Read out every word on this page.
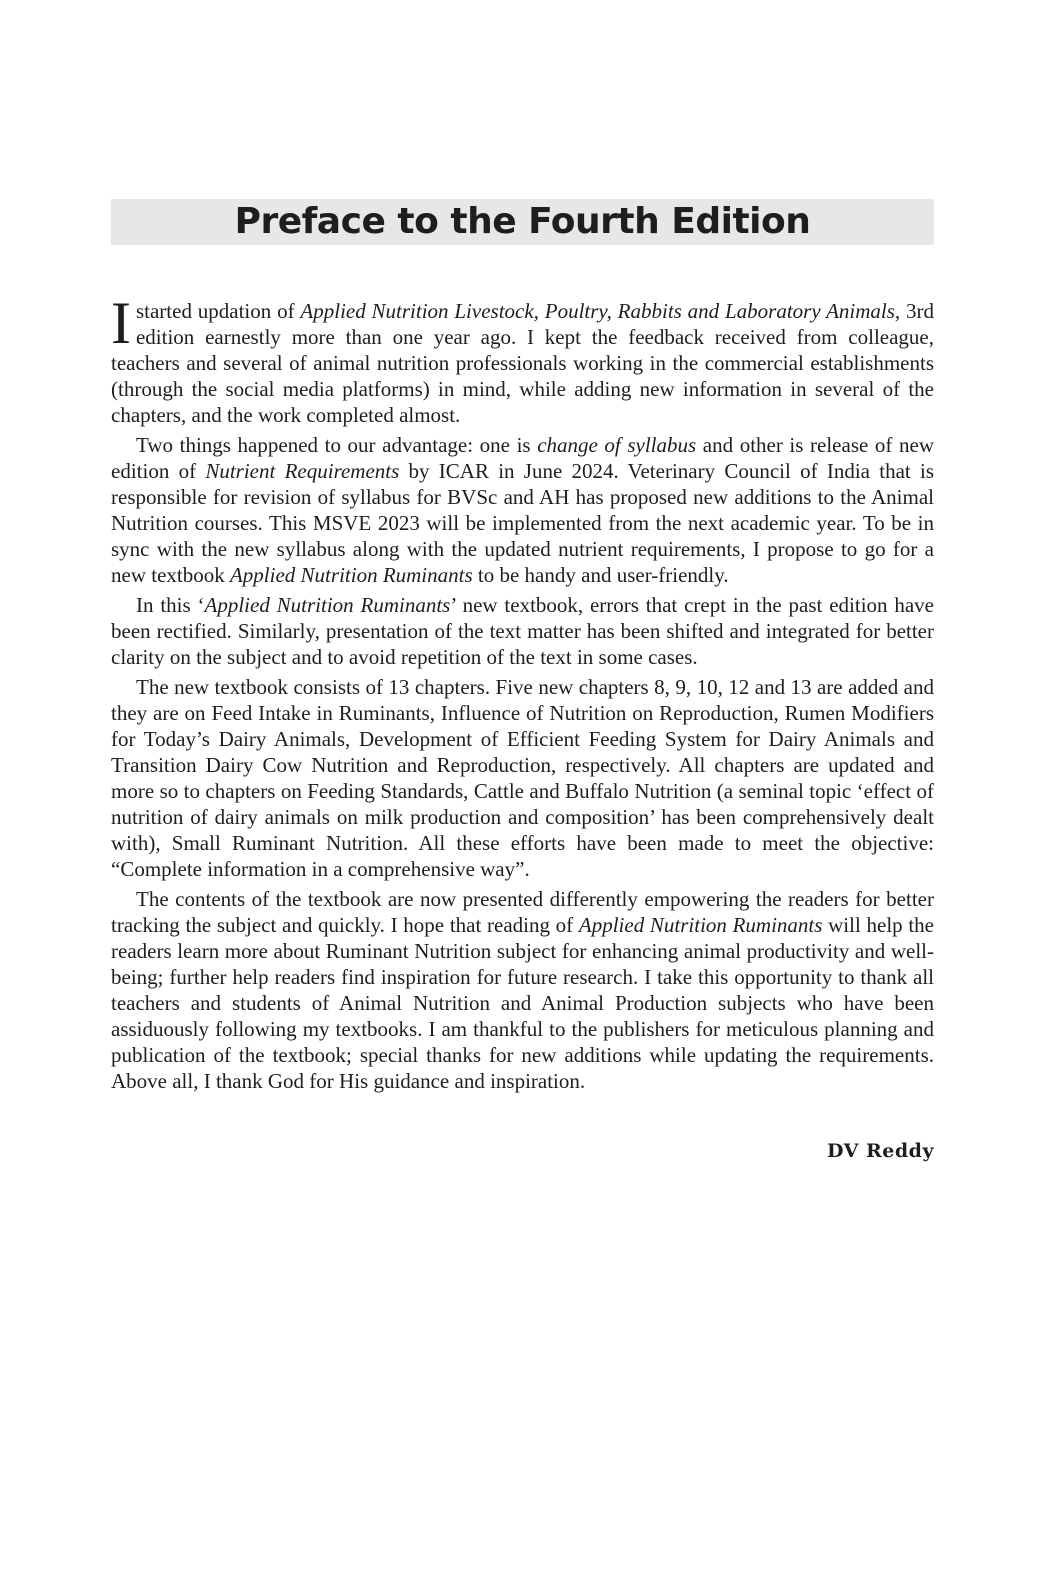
Preface to the Fourth Edition

I started updation of Applied Nutrition Livestock, Poultry, Rabbits and Laboratory Animals, 3rd edition earnestly more than one year ago. I kept the feedback received from colleague, teachers and several of animal nutrition professionals working in the commercial establishments (through the social media platforms) in mind, while adding new information in several of the chapters, and the work completed almost.

Two things happened to our advantage: one is change of syllabus and other is release of new edition of Nutrient Requirements by ICAR in June 2024. Veterinary Council of India that is responsible for revision of syllabus for BVSc and AH has proposed new additions to the Animal Nutrition courses. This MSVE 2023 will be implemented from the next academic year. To be in sync with the new syllabus along with the updated nutrient requirements, I propose to go for a new textbook Applied Nutrition Ruminants to be handy and user-friendly.

In this ‘Applied Nutrition Ruminants’ new textbook, errors that crept in the past edition have been rectified. Similarly, presentation of the text matter has been shifted and integrated for better clarity on the subject and to avoid repetition of the text in some cases.

The new textbook consists of 13 chapters. Five new chapters 8, 9, 10, 12 and 13 are added and they are on Feed Intake in Ruminants, Influence of Nutrition on Reproduction, Rumen Modifiers for Today’s Dairy Animals, Development of Efficient Feeding System for Dairy Animals and Transition Dairy Cow Nutrition and Reproduction, respectively. All chapters are updated and more so to chapters on Feeding Standards, Cattle and Buffalo Nutrition (a seminal topic ‘effect of nutrition of dairy animals on milk production and composition’ has been comprehensively dealt with), Small Ruminant Nutrition. All these efforts have been made to meet the objective: “Complete information in a comprehensive way”.

The contents of the textbook are now presented differently empowering the readers for better tracking the subject and quickly. I hope that reading of Applied Nutrition Ruminants will help the readers learn more about Ruminant Nutrition subject for enhancing animal productivity and well-being; further help readers find inspiration for future research. I take this opportunity to thank all teachers and students of Animal Nutrition and Animal Production subjects who have been assiduously following my textbooks. I am thankful to the publishers for meticulous planning and publication of the textbook; special thanks for new additions while updating the requirements. Above all, I thank God for His guidance and inspiration.

DV Reddy
